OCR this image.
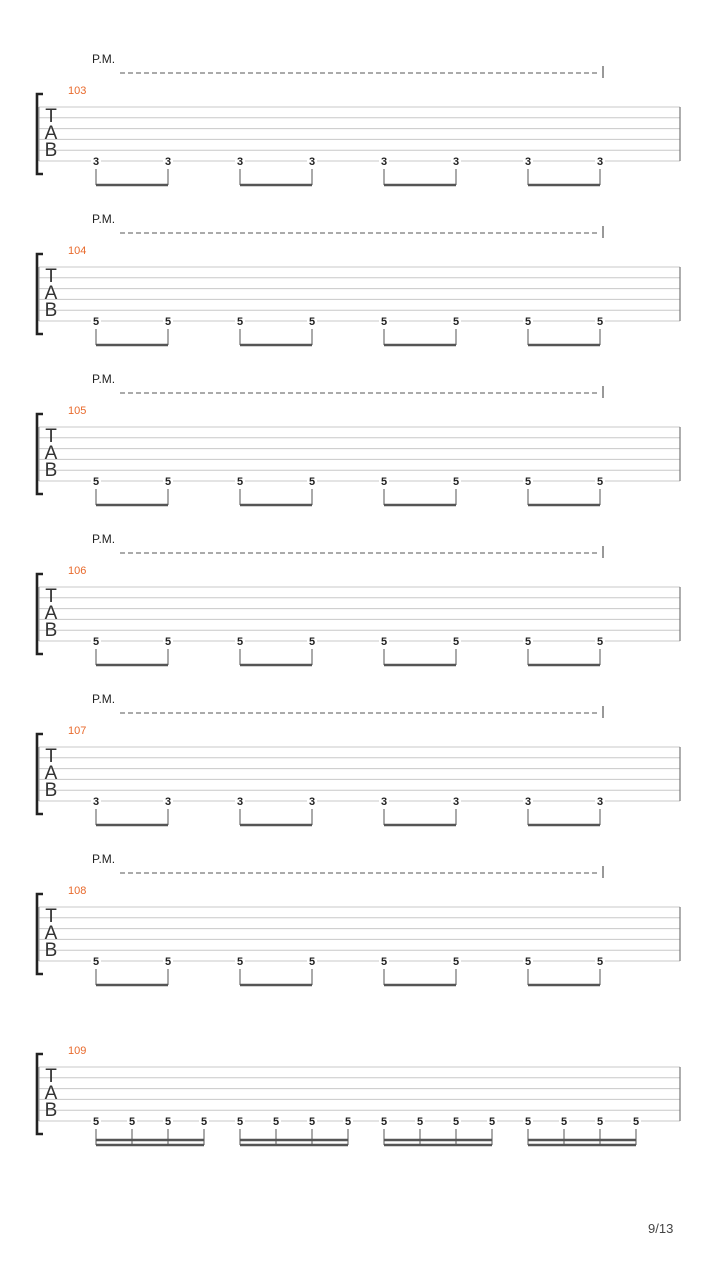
P.M.
103
T
A
B
3	3	3	3	3	3	3	3
P.M.
104
T
A
B
5	5	5	5	5	5	5	5
P.M.
105
T
A
B
5	5	5	5	5	5	5	5
P.M.
106
T
A
B
5	5	5	5	5	5	5	5
P.M.
107
T
A
B
3	3	3	3	3	3	3	3
P.M.
108
T
A
B
5	5	5	5	5	5	5	5
109
T
A
B
5	5	5	5	5	5	5	5	5	5	5	5	5	5	5	5
9/13
